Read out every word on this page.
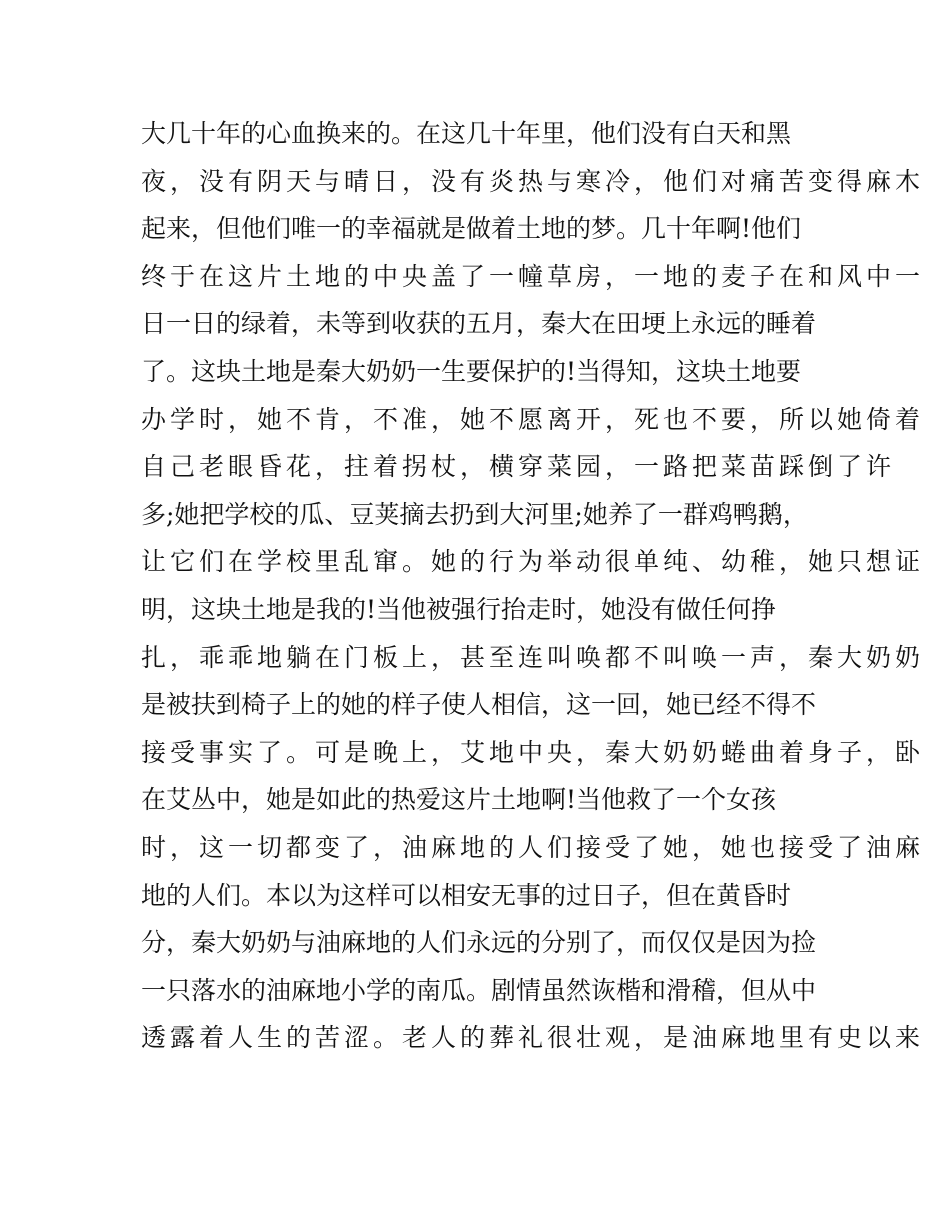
大几十年的心血换来的。在这几十年里，他们没有白天和黑
夜，没有阴天与晴日，没有炎热与寒冷，他们对痛苦变得麻木
起来，但他们唯一的幸福就是做着土地的梦。几十年啊!他们
终于在这片土地的中央盖了一幢草房，一地的麦子在和风中一
日一日的绿着，未等到收获的五月，秦大在田埂上永远的睡着
了。这块土地是秦大奶奶一生要保护的!当得知，这块土地要
办学时，她不肯，不准，她不愿离开，死也不要，所以她倚着
自己老眼昏花，拄着拐杖，横穿菜园，一路把菜苗踩倒了许
多;她把学校的瓜、豆荚摘去扔到大河里;她养了一群鸡鸭鹅，
让它们在学校里乱窜。她的行为举动很单纯、幼稚，她只想证
明，这块土地是我的!当他被强行抬走时，她没有做任何挣
扎，乖乖地躺在门板上，甚至连叫唤都不叫唤一声，秦大奶奶
是被扶到椅子上的她的样子使人相信，这一回，她已经不得不
接受事实了。可是晚上，艾地中央，秦大奶奶蜷曲着身子，卧
在艾丛中，她是如此的热爱这片土地啊!当他救了一个女孩
时，这一切都变了，油麻地的人们接受了她，她也接受了油麻
地的人们。本以为这样可以相安无事的过日子，但在黄昏时
分，秦大奶奶与油麻地的人们永远的分别了，而仅仅是因为捡
一只落水的油麻地小学的南瓜。剧情虽然诙楷和滑稽，但从中
透露着人生的苦涩。老人的葬礼很壮观，是油麻地里有史以来
